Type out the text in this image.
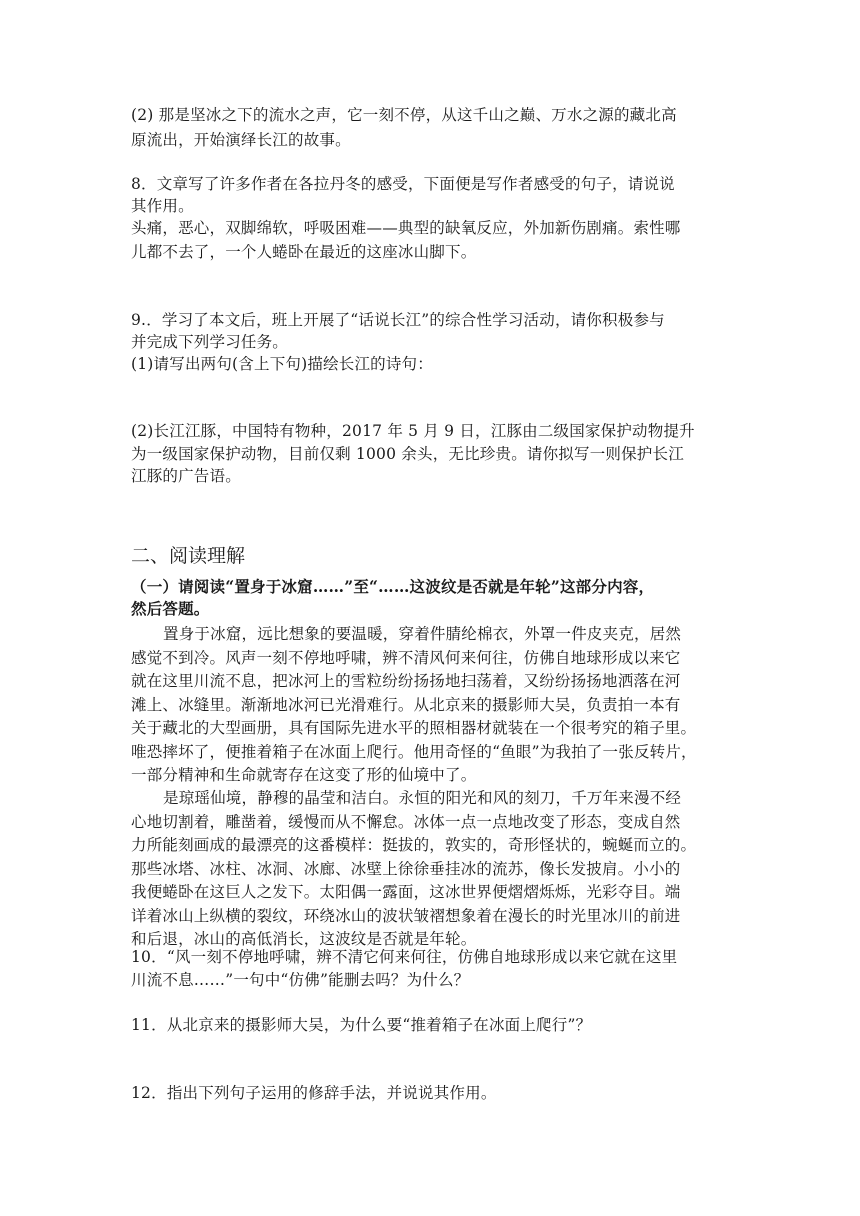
(2) 那是坚冰之下的流水之声，它一刻不停，从这千山之巅、万水之源的藏北高
原流出，开始演绎长江的故事。
8．文章写了许多作者在各拉丹冬的感受，下面便是写作者感受的句子，请说说
其作用。
头痛，恶心，双脚绵软，呼吸困难——典型的缺氧反应，外加新伤剧痛。索性哪
儿都不去了，一个人蜷卧在最近的这座冰山脚下。
9.．学习了本文后，班上开展了“话说长江”的综合性学习活动，请你积极参与
并完成下列学习任务。
(1)请写出两句(含上下句)描绘长江的诗句：
(2)长江江豚，中国特有物种，2017 年 5 月 9 日，江豚由二级国家保护动物提升
为一级国家保护动物，目前仅剩 1000 余头，无比珍贵。请你拟写一则保护长江
江豚的广告语。
二、阅读理解
（一）请阅读“置身于冰窟……”至“……这波纹是否就是年轮”这部分内容，
然后答题。
置身于冰窟，远比想象的要温暖，穿着件腈纶棉衣，外罩一件皮夹克，居然
感觉不到冷。风声一刻不停地呼啸，辨不清风何来何往，仿佛自地球形成以来它
就在这里川流不息，把冰河上的雪粒纷纷扬扬地扫荡着，又纷纷扬扬地洒落在河
滩上、冰缝里。渐渐地冰河已光滑难行。从北京来的摄影师大吴，负责拍一本有
关于藏北的大型画册，具有国际先进水平的照相器材就装在一个很考究的箱子里。
唯恐摔坏了，便推着箱子在冰面上爬行。他用奇怪的“鱼眼”为我拍了一张反转片，
一部分精神和生命就寄存在这变了形的仙境中了。
是琼瑶仙境，静穆的晶莹和洁白。永恒的阳光和风的刻刀，千万年来漫不经
心地切割着，雕凿着，缓慢而从不懈怠。冰体一点一点地改变了形态，变成自然
力所能刻画成的最漂亮的这番模样：挺拔的，敦实的，奇形怪状的，蜿蜒而立的。
那些冰塔、冰柱、冰洞、冰廊、冰壁上徐徐垂挂冰的流苏，像长发披肩。小小的
我便蜷卧在这巨人之发下。太阳偶一露面，这冰世界便熠熠烁烁，光彩夺目。端
详着冰山上纵横的裂纹，环绕冰山的波状皱褶想象着在漫长的时光里冰川的前进
和后退，冰山的高低消长，这波纹是否就是年轮。
10．“风一刻不停地呼啸，辨不清它何来何往，仿佛自地球形成以来它就在这里
川流不息……”一句中“仿佛”能删去吗？为什么？
11．从北京来的摄影师大吴，为什么要“推着箱子在冰面上爬行”？
12．指出下列句子运用的修辞手法，并说说其作用。
